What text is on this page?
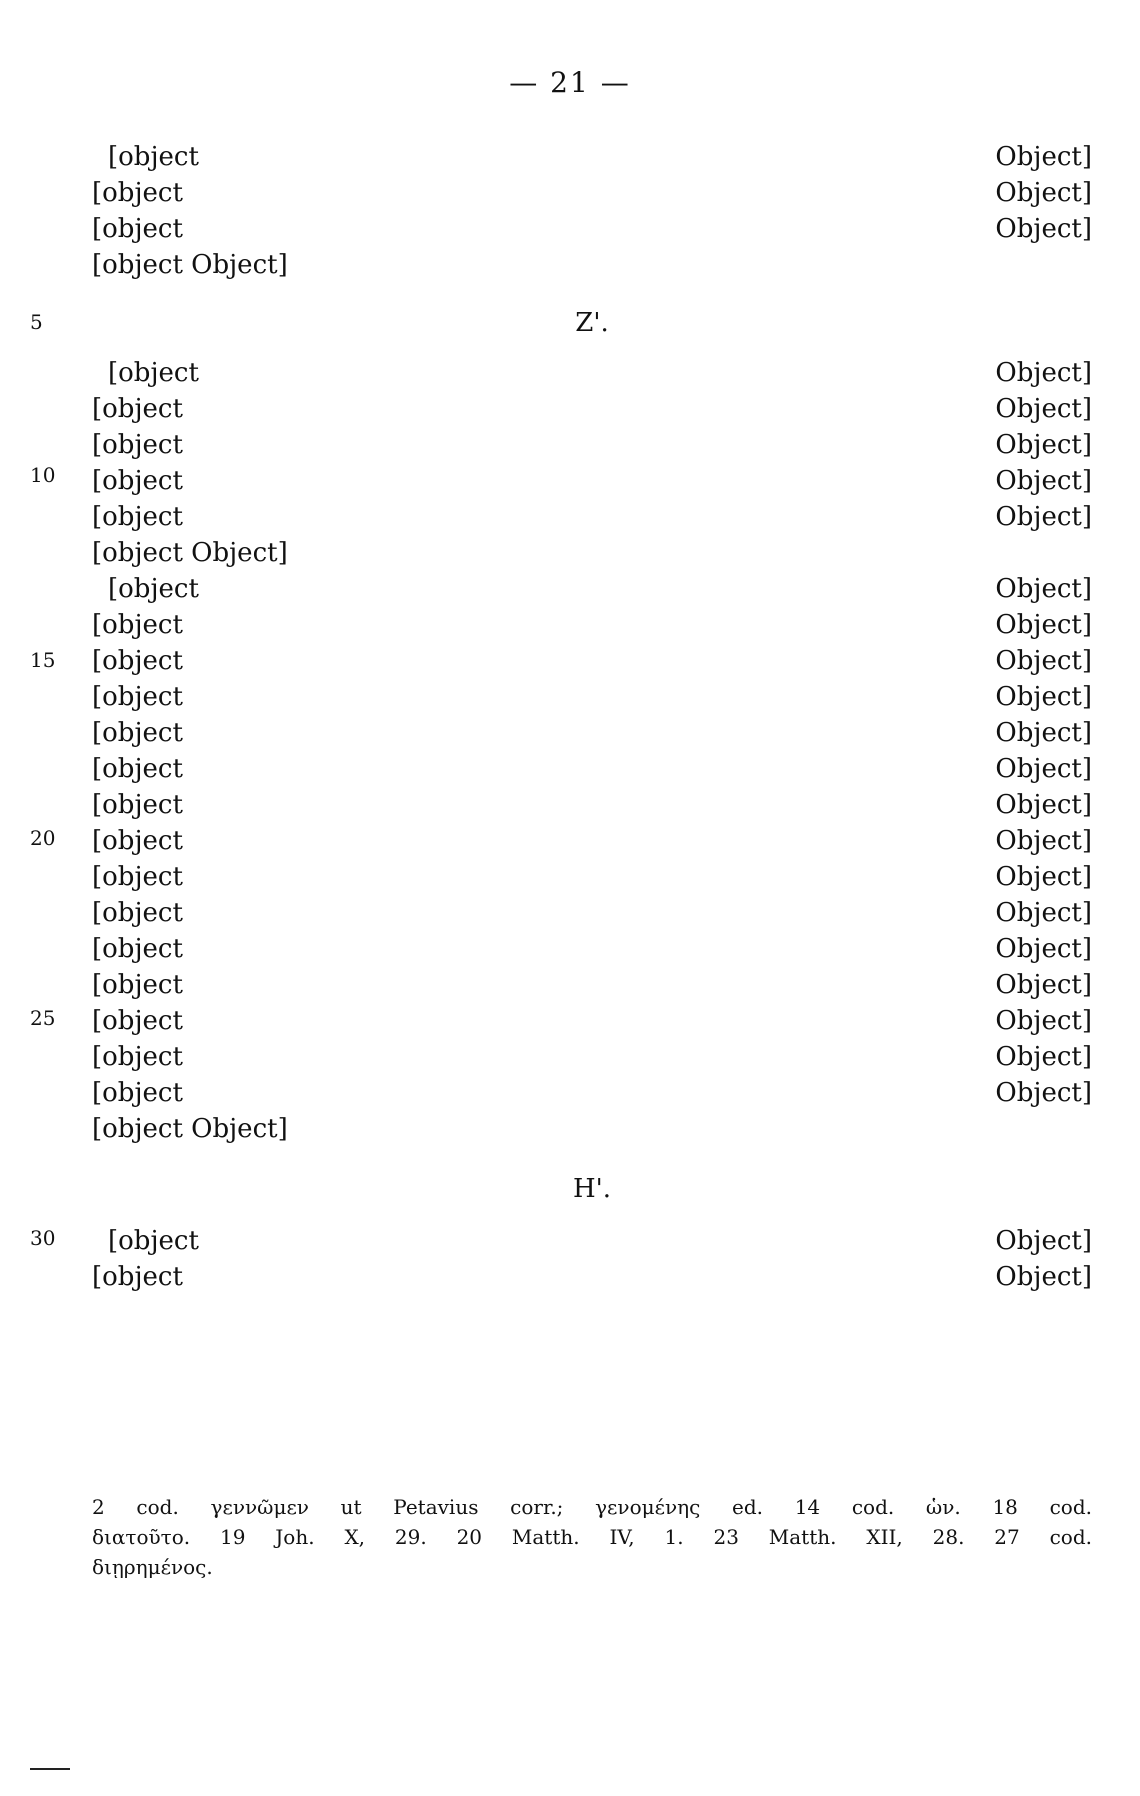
— 21 —
5
10
15
20
25
30
[object Object]
[object Object]
[object Object]
[object Object]
Z'.
[object Object]
[object Object]
[object Object]
[object Object]
[object Object]
[object Object]
[object Object]
[object Object]
[object Object]
[object Object]
[object Object]
[object Object]
[object Object]
[object Object]
[object Object]
[object Object]
[object Object]
[object Object]
[object Object]
[object Object]
[object Object]
[object Object]
H'.
[object Object]
[object Object]
2 cod. γεννῶμεν ut Petavius corr.; γενομένης ed. 14 cod. ὡν. 18 cod.
διατοῦτο. 19 Joh. X, 29. 20 Matth. IV, 1. 23 Matth. XII, 28. 27 cod.
διῃρημένος.
